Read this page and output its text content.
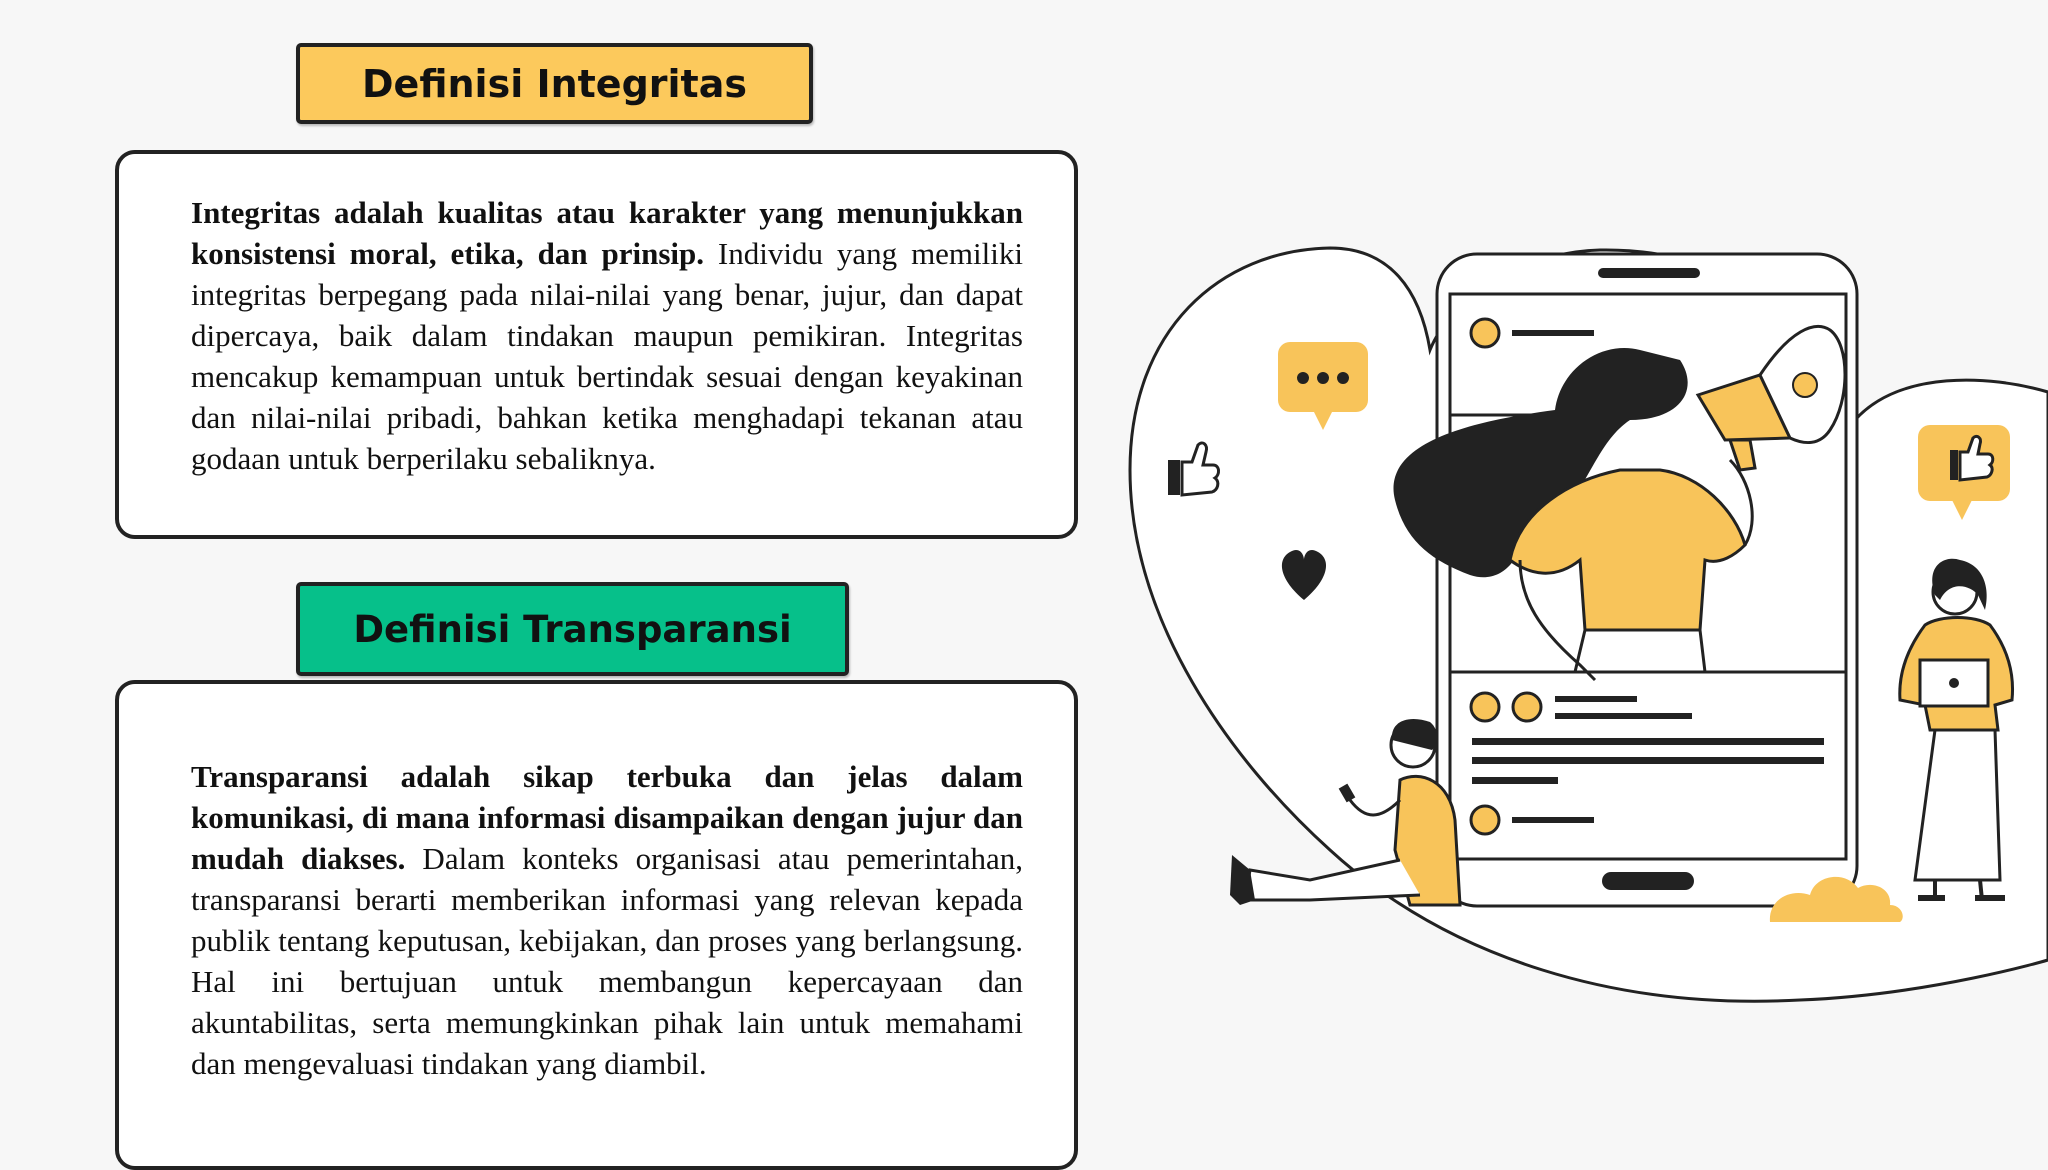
Definisi Integritas

Integritas adalah kualitas atau karakter yang menunjukkan konsistensi moral, etika, dan prinsip. Individu yang memiliki integritas berpegang pada nilai-nilai yang benar, jujur, dan dapat dipercaya, baik dalam tindakan maupun pemikiran. Integritas mencakup kemampuan untuk bertindak sesuai dengan keyakinan dan nilai-nilai pribadi, bahkan ketika menghadapi tekanan atau godaan untuk berperilaku sebaliknya.

Definisi Transparansi

Transparansi adalah sikap terbuka dan jelas dalam komunikasi, di mana informasi disampaikan dengan jujur dan mudah diakses. Dalam konteks organisasi atau pemerintahan, transparansi berarti memberikan informasi yang relevan kepada publik tentang keputusan, kebijakan, dan proses yang berlangsung. Hal ini bertujuan untuk membangun kepercayaan dan akuntabilitas, serta memungkinkan pihak lain untuk memahami dan mengevaluasi tindakan yang diambil.
